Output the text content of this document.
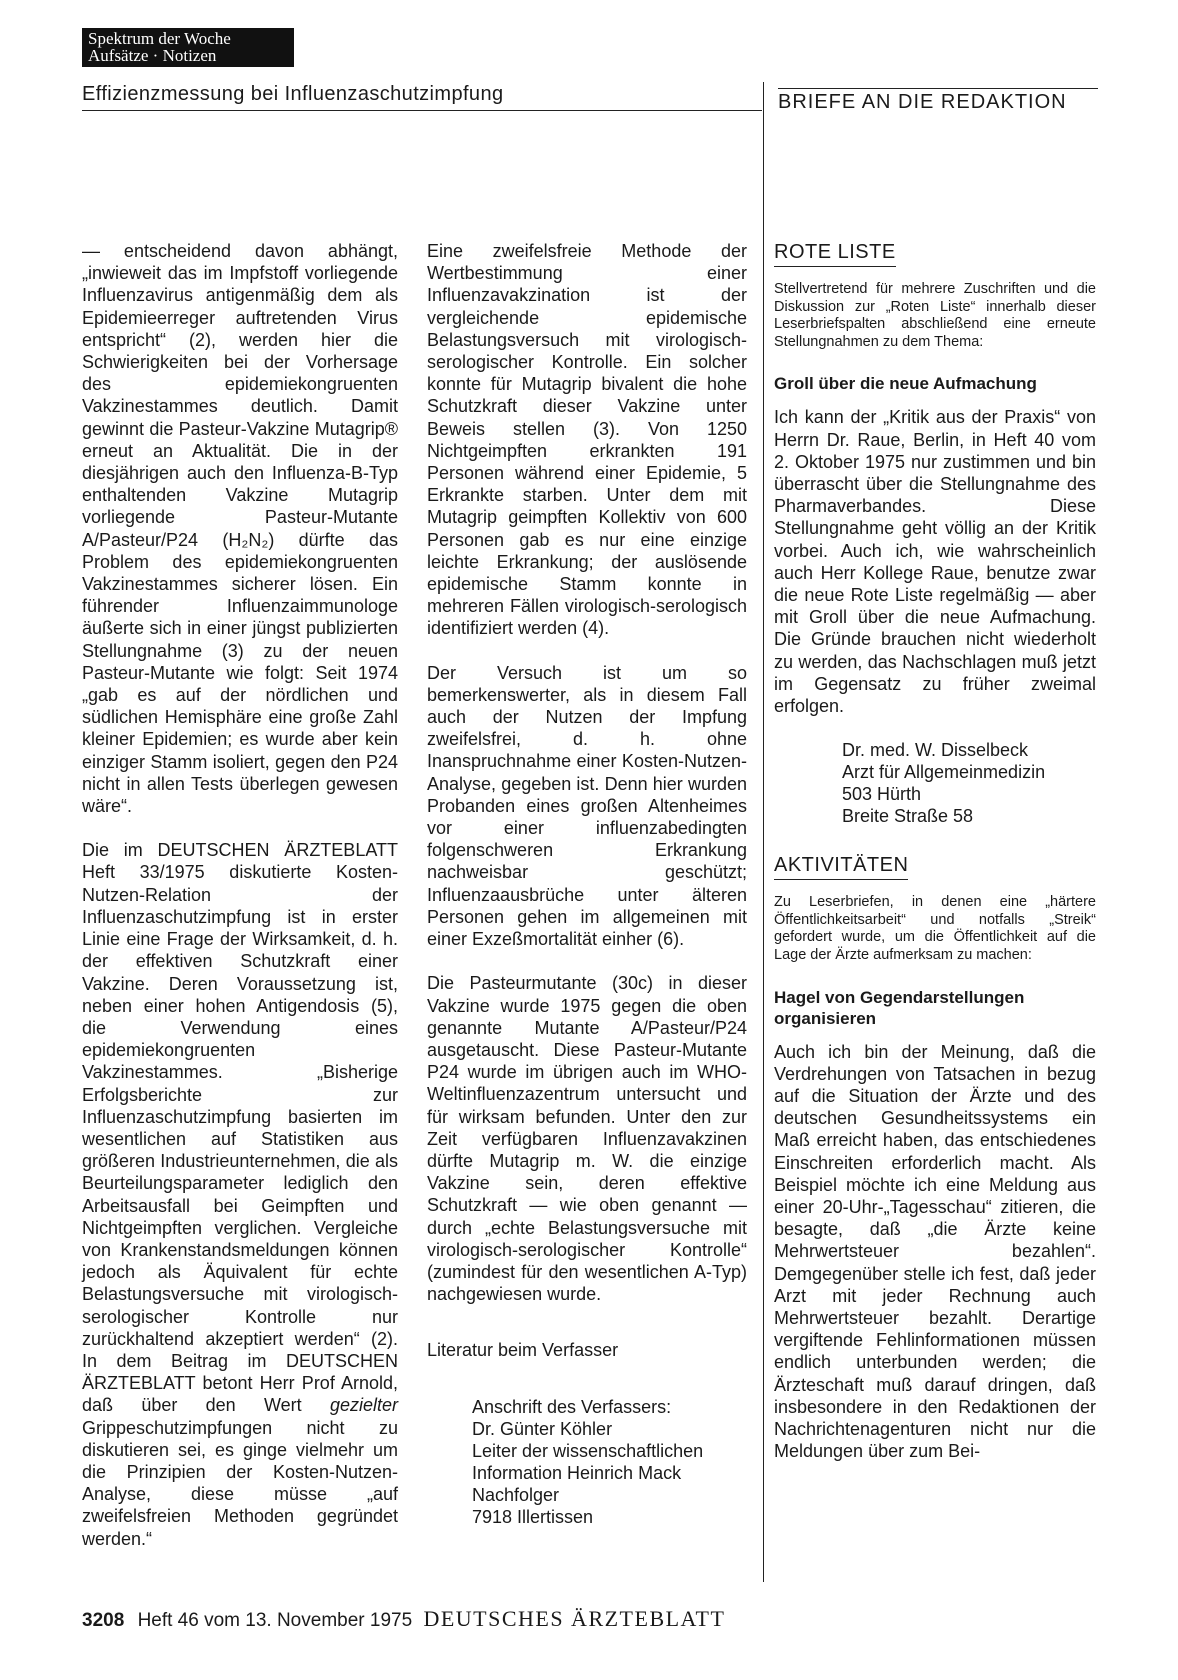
Spektrum der Woche
Aufsätze · Notizen
Effizienzmessung bei Influenzaschutzimpfung	BRIEFE AN DIE REDAKTION

— entscheidend davon abhängt, „inwieweit das im Impfstoff vorliegende Influenzavirus antigenmäßig dem als Epidemieerreger auftretenden Virus entspricht“ (2), werden hier die Schwierigkeiten bei der Vorhersage des epidemiekongruenten Vakzinestammes deutlich. Damit gewinnt die Pasteur-Vakzine Mutagrip® erneut an Aktualität. Die in der diesjährigen auch den Influenza-B-Typ enthaltenden Vakzine Mutagrip vorliegende Pasteur-Mutante A/Pasteur/P24 (H₂N₂) dürfte das Problem des epidemiekongruenten Vakzinestammes sicherer lösen. Ein führender Influenzaimmunologe äußerte sich in einer jüngst publizierten Stellungnahme (3) zu der neuen Pasteur-Mutante wie folgt: Seit 1974 „gab es auf der nördlichen und südlichen Hemisphäre eine große Zahl kleiner Epidemien; es wurde aber kein einziger Stamm isoliert, gegen den P24 nicht in allen Tests überlegen gewesen wäre“.

Die im DEUTSCHEN ÄRZTEBLATT Heft 33/1975 diskutierte Kosten-Nutzen-Relation der Influenzaschutzimpfung ist in erster Linie eine Frage der Wirksamkeit, d. h. der effektiven Schutzkraft einer Vakzine. Deren Voraussetzung ist, neben einer hohen Antigendosis (5), die Verwendung eines epidemiekongruenten Vakzinestammes. „Bisherige Erfolgsberichte zur Influenzaschutzimpfung basierten im wesentlichen auf Statistiken aus größeren Industrieunternehmen, die als Beurteilungsparameter lediglich den Arbeitsausfall bei Geimpften und Nichtgeimpften verglichen. Vergleiche von Krankenstandsmeldungen können jedoch als Äquivalent für echte Belastungsversuche mit virologisch-serologischer Kontrolle nur zurückhaltend akzeptiert werden“ (2). In dem Beitrag im DEUTSCHEN ÄRZTEBLATT betont Herr Prof Arnold, daß über den Wert gezielter Grippeschutzimpfungen nicht zu diskutieren sei, es ginge vielmehr um die Prinzipien der Kosten-Nutzen-Analyse, diese müsse „auf zweifelsfreien Methoden gegründet werden.“

Eine zweifelsfreie Methode der Wertbestimmung einer Influenzavakzination ist der vergleichende epidemische Belastungsversuch mit virologisch-serologischer Kontrolle. Ein solcher konnte für Mutagrip bivalent die hohe Schutzkraft dieser Vakzine unter Beweis stellen (3). Von 1250 Nichtgeimpften erkrankten 191 Personen während einer Epidemie, 5 Erkrankte starben. Unter dem mit Mutagrip geimpften Kollektiv von 600 Personen gab es nur eine einzige leichte Erkrankung; der auslösende epidemische Stamm konnte in mehreren Fällen virologisch-serologisch identifiziert werden (4).

Der Versuch ist um so bemerkenswerter, als in diesem Fall auch der Nutzen der Impfung zweifelsfrei, d. h. ohne Inanspruchnahme einer Kosten-Nutzen-Analyse, gegeben ist. Denn hier wurden Probanden eines großen Altenheimes vor einer influenzabedingten folgenschweren Erkrankung nachweisbar geschützt; Influenzaausbrüche unter älteren Personen gehen im allgemeinen mit einer Exzeßmortalität einher (6).

Die Pasteurmutante (30c) in dieser Vakzine wurde 1975 gegen die oben genannte Mutante A/Pasteur/P24 ausgetauscht. Diese Pasteur-Mutante P24 wurde im übrigen auch im WHO-Weltinfluenzazentrum untersucht und für wirksam befunden. Unter den zur Zeit verfügbaren Influenzavakzinen dürfte Mutagrip m. W. die einzige Vakzine sein, deren effektive Schutzkraft — wie oben genannt — durch „echte Belastungsversuche mit virologisch-serologischer Kontrolle“ (zumindest für den wesentlichen A-Typ) nachgewiesen wurde.

Literatur beim Verfasser

Anschrift des Verfassers:
Dr. Günter Köhler
Leiter der wissenschaftlichen
Information Heinrich Mack
Nachfolger
7918 Illertissen
ROTE LISTE

Stellvertretend für mehrere Zuschriften und die Diskussion zur „Roten Liste“ innerhalb dieser Leserbriefspalten abschließend eine erneute Stellungnahmen zu dem Thema:

Groll über die neue Aufmachung

Ich kann der „Kritik aus der Praxis“ von Herrn Dr. Raue, Berlin, in Heft 40 vom 2. Oktober 1975 nur zustimmen und bin überrascht über die Stellungnahme des Pharmaverbandes. Diese Stellungnahme geht völlig an der Kritik vorbei. Auch ich, wie wahrscheinlich auch Herr Kollege Raue, benutze zwar die neue Rote Liste regelmäßig — aber mit Groll über die neue Aufmachung. Die Gründe brauchen nicht wiederholt zu werden, das Nachschlagen muß jetzt im Gegensatz zu früher zweimal erfolgen.

Dr. med. W. Disselbeck
Arzt für Allgemeinmedizin
503 Hürth
Breite Straße 58
AKTIVITÄTEN

Zu Leserbriefen, in denen eine „härtere Öffentlichkeitsarbeit“ und notfalls „Streik“ gefordert wurde, um die Öffentlichkeit auf die Lage der Ärzte aufmerksam zu machen:

Hagel von Gegendarstellungen organisieren

Auch ich bin der Meinung, daß die Verdrehungen von Tatsachen in bezug auf die Situation der Ärzte und des deutschen Gesundheitssystems ein Maß erreicht haben, das entschiedenes Einschreiten erforderlich macht. Als Beispiel möchte ich eine Meldung aus einer 20-Uhr-„Tagesschau“ zitieren, die besagte, daß „die Ärzte keine Mehrwertsteuer bezahlen“. Demgegenüber stelle ich fest, daß jeder Arzt mit jeder Rechnung auch Mehrwertsteuer bezahlt. Derartige vergiftende Fehlinformationen müssen endlich unterbunden werden; die Ärzteschaft muß darauf dringen, daß insbesondere in den Redaktionen der Nachrichtenagenturen nicht nur die Meldungen über zum Bei-

3208 Heft 46 vom 13. November 1975 DEUTSCHES ÄRZTEBLATT
